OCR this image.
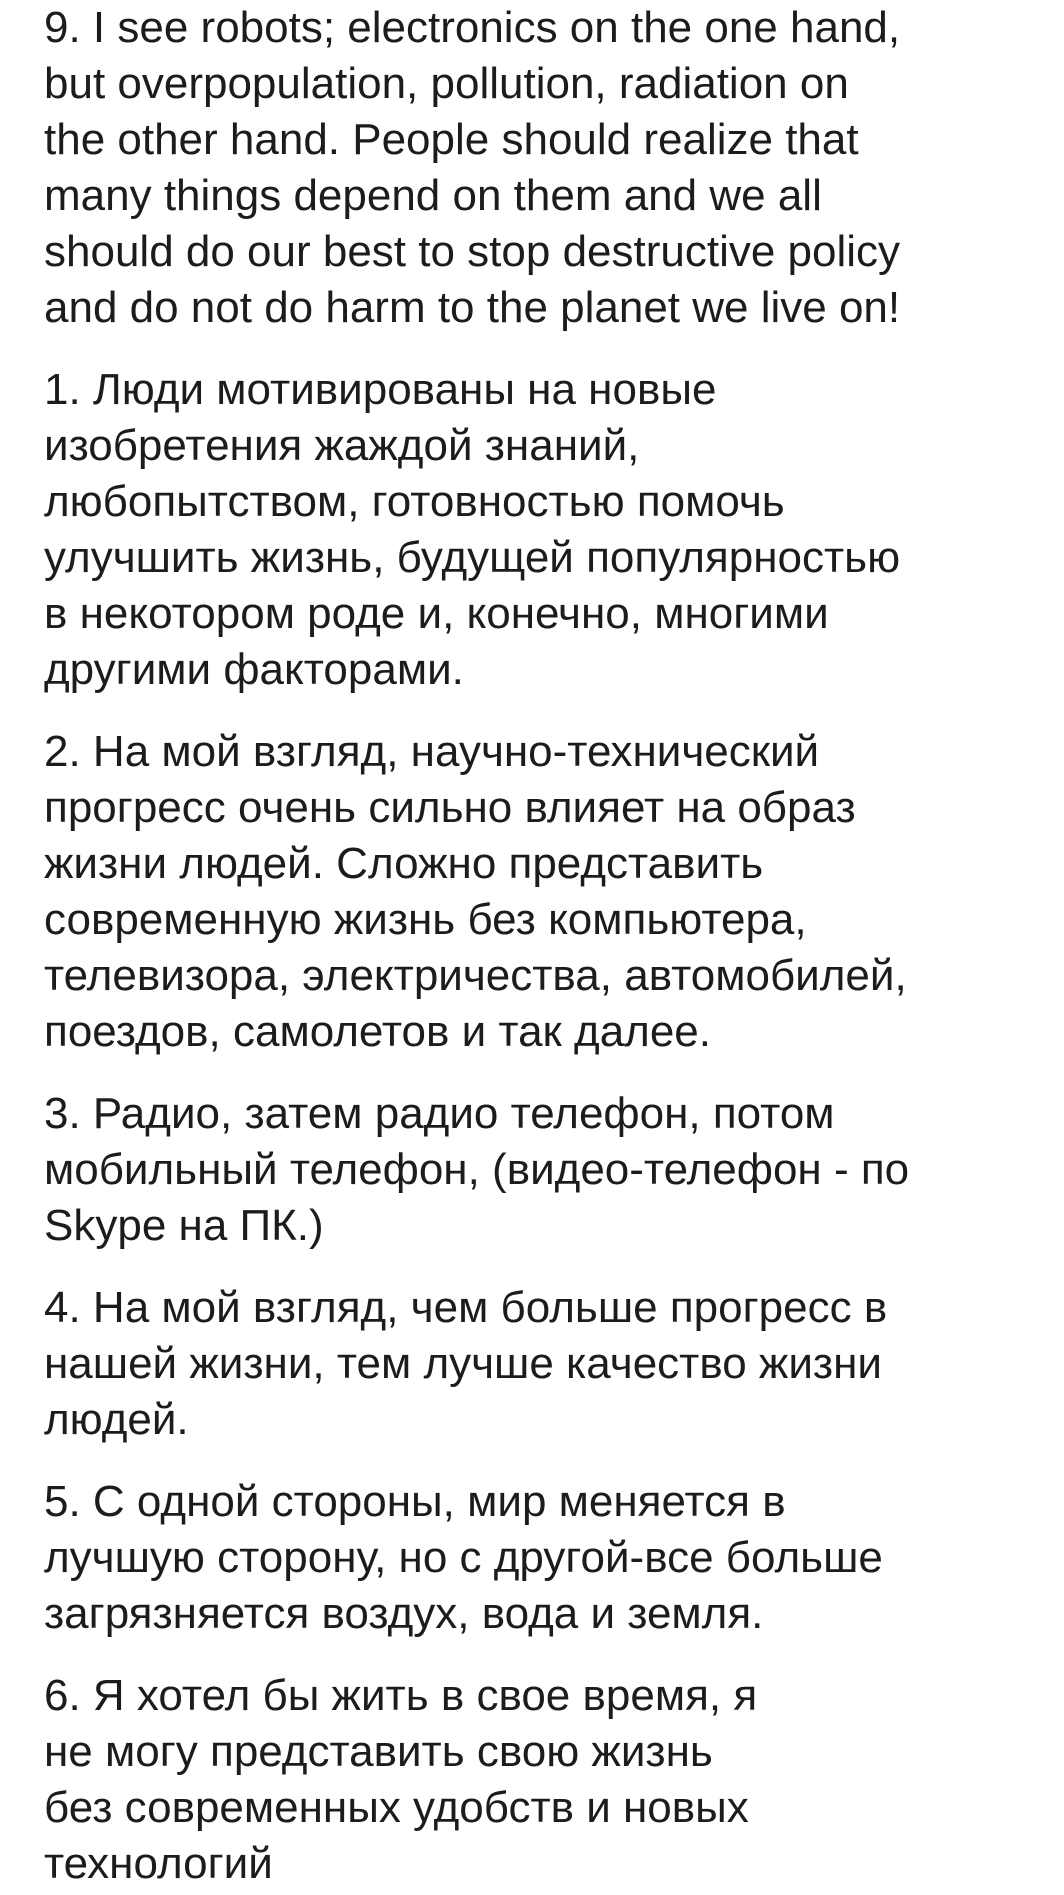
9. I see robots; electronics on the one hand,
but overpopulation, pollution, radiation on
the other hand. People should realize that
many things depend on them and we all
should do our best to stop destructive policy
and do not do harm to the planet we live on!

1. Люди мотивированы на новые
изобретения жаждой знаний,
любопытством, готовностью помочь
улучшить жизнь, будущей популярностью
в некотором роде и, конечно, многими
другими факторами.

2. На мой взгляд, научно-технический
прогресс очень сильно влияет на образ
жизни людей. Сложно представить
современную жизнь без компьютера,
телевизора, электричества, автомобилей,
поездов, самолетов и так далее.

3. Радио, затем радио телефон, потом
мобильный телефон, (видео-телефон - по
Skype на ПК.)

4. На мой взгляд, чем больше прогресс в
нашей жизни, тем лучше качество жизни
людей.

5. С одной стороны, мир меняется в
лучшую сторону, но с другой-все больше
загрязняется воздух, вода и земля.

6. Я хотел бы жить в свое время, я
не могу представить свою жизнь
без современных удобств и новых
технологий
